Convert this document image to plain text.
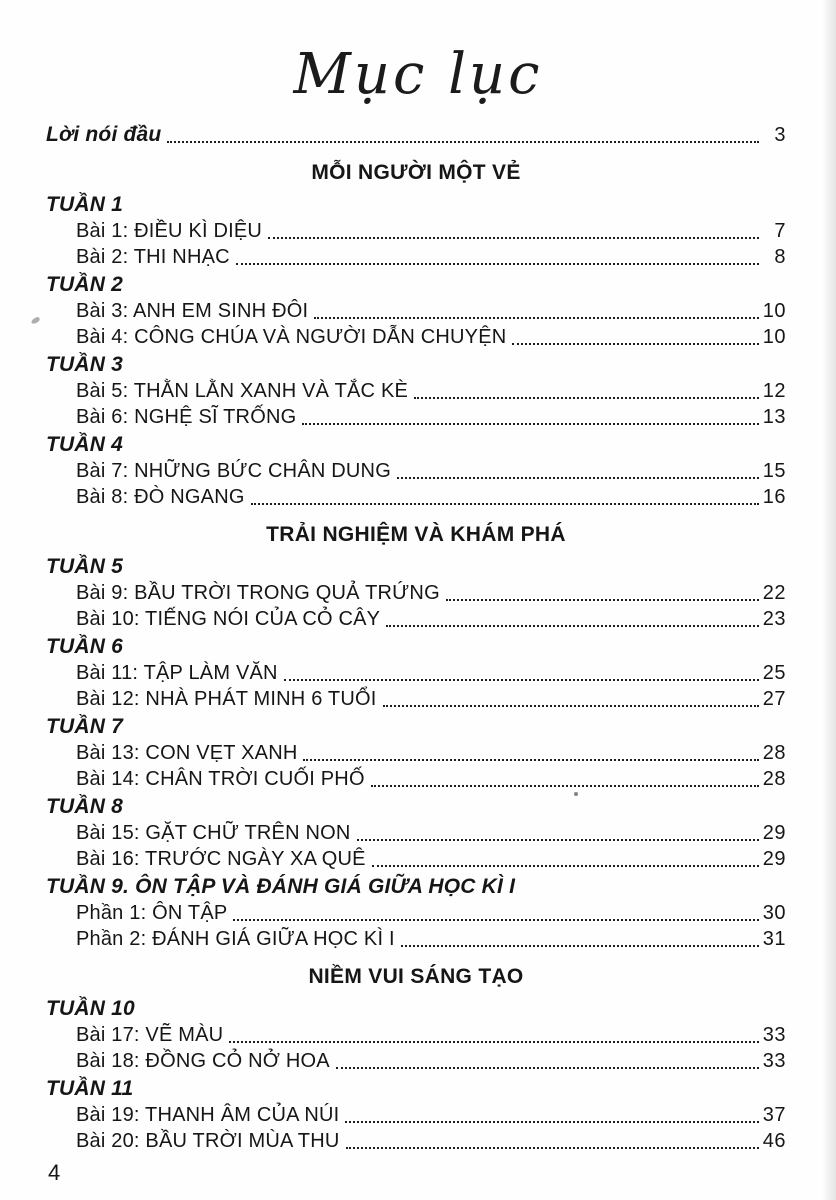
Mục lục
Lời nói đầu	3
MỖI NGƯỜI MỘT VẺ
TUẦN 1
Bài 1: ĐIỀU KÌ DIỆU	7
Bài 2: THI NHẠC	8
TUẦN 2
Bài 3: ANH EM SINH ĐÔI	10
Bài 4: CÔNG CHÚA VÀ NGƯỜI DẪN CHUYỆN	10
TUẦN 3
Bài 5: THẰN LẰN XANH VÀ TẮC KÈ	12
Bài 6: NGHỆ SĨ TRỐNG	13
TUẦN 4
Bài 7: NHỮNG BỨC CHÂN DUNG	15
Bài 8: ĐÒ NGANG	16
TRẢI NGHIỆM VÀ KHÁM PHÁ
TUẦN 5
Bài 9: BẦU TRỜI TRONG QUẢ TRỨNG	22
Bài 10: TIẾNG NÓI CỦA CỎ CÂY	23
TUẦN 6
Bài 11: TẬP LÀM VĂN	25
Bài 12: NHÀ PHÁT MINH 6 TUỔI	27
TUẦN 7
Bài 13: CON VẸT XANH	28
Bài 14: CHÂN TRỜI CUỐI PHỐ	28
TUẦN 8
Bài 15: GẶT CHỮ TRÊN NON	29
Bài 16: TRƯỚC NGÀY XA QUÊ	29
TUẦN 9. ÔN TẬP VÀ ĐÁNH GIÁ GIỮA HỌC KÌ I
Phần 1: ÔN TẬP	30
Phần 2: ĐÁNH GIÁ GIỮA HỌC KÌ I	31
NIỀM VUI SÁNG TẠO
TUẦN 10
Bài 17: VẼ MÀU	33
Bài 18: ĐỒNG CỎ NỞ HOA	33
TUẦN 11
Bài 19: THANH ÂM CỦA NÚI	37
Bài 20: BẦU TRỜI MÙA THU	46
4
